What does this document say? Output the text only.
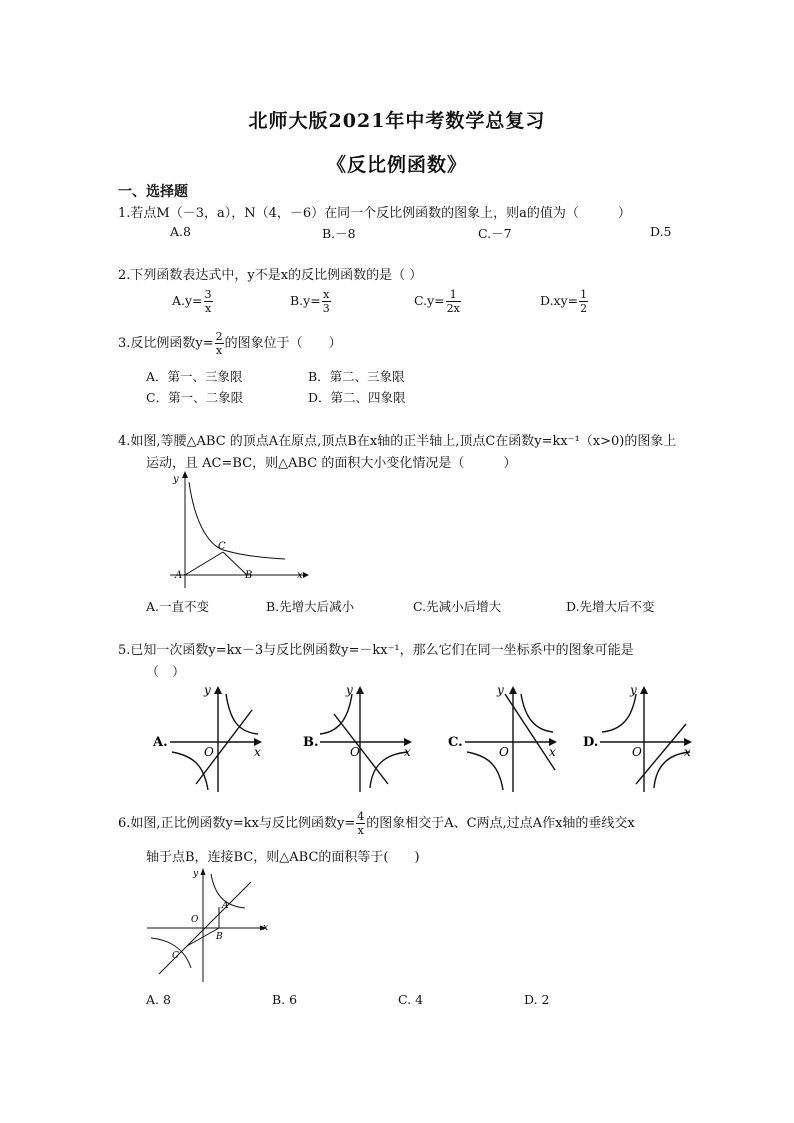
北师大版2021年中考数学总复习
《反比例函数》
一、选择题
1.若点M（－3，a），N（4，－6）在同一个反比例函数的图象上，则a的值为（　　　）
A.8	B.－8	C.－7	D.5
2.下列函数表达式中，y不是x的反比例函数的是（ ）
$A.y= \frac{3}{x}$	$B.y= \frac{x}{3}$	$C.y= \frac{1}{2x}$	$D.xy= \frac{1}{2}$
3.反比例函数$y= \frac{2}{x}$ 的图象位于（　　）
A．第一、三象限	B．第二、三象限
C．第一、二象限	D．第二、四象限
4.如图,等腰△ABC 的顶点A在原点,顶点B在x轴的正半轴上,顶点C在函数y=kx⁻¹（x>0)的图象上
运动，且 AC=BC，则△ABC 的面积大小变化情况是（　　　）
y
x
A	B
C
A.一直不变	B.先增大后减小	C.先减小后增大	D.先增大后不变
5.已知一次函数y=kx－3与反比例函数y=－kx⁻¹，那么它们在同一坐标系中的图象可能是
（　）
A.
x
y
O
B.
x
y
O
C.
x
y
O
D.
x
y
O
6.如图,正比例函数y=kx与反比例函数$y= \frac{4}{x}$ 的图象相交于A、C两点,过点A作x轴的垂线交x
轴于点B，连接BC，则△ABC的面积等于(　　)
y
x
O
A
B
C
A. 8	B. 6	C. 4	D. 2
